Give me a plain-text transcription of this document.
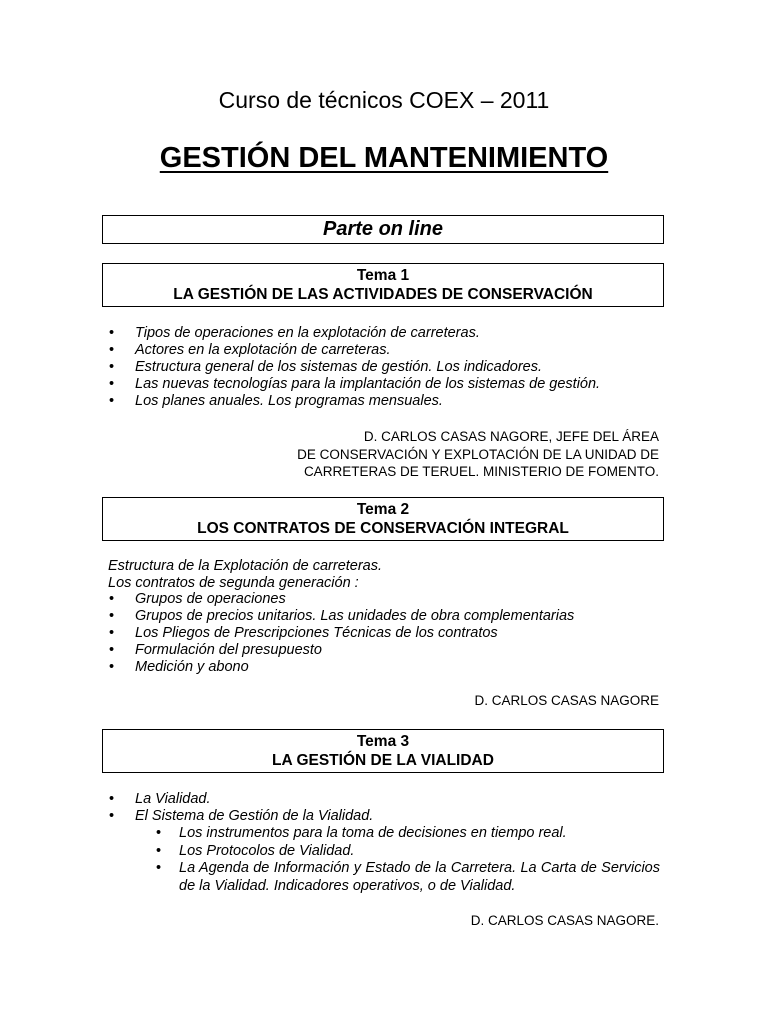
Curso de técnicos COEX – 2011
GESTIÓN DEL MANTENIMIENTO
Parte on line
Tema 1
LA GESTIÓN DE LAS ACTIVIDADES DE CONSERVACIÓN
• Tipos de operaciones en la explotación de carreteras.
• Actores en la explotación de carreteras.
• Estructura general de los sistemas de gestión. Los indicadores.
• Las nuevas tecnologías para la implantación de los sistemas de gestión.
• Los planes anuales. Los programas mensuales.
D. CARLOS CASAS NAGORE, JEFE DEL ÁREA
DE CONSERVACIÓN Y EXPLOTACIÓN DE LA UNIDAD DE
CARRETERAS DE TERUEL. MINISTERIO DE FOMENTO.
Tema 2
LOS CONTRATOS DE CONSERVACIÓN INTEGRAL
Estructura de la Explotación de carreteras.
Los contratos de segunda generación :
• Grupos de operaciones
• Grupos de precios unitarios. Las unidades de obra complementarias
• Los Pliegos de Prescripciones Técnicas de los contratos
• Formulación del presupuesto
• Medición y abono
D. CARLOS CASAS NAGORE
Tema 3
LA GESTIÓN DE LA VIALIDAD
• La Vialidad.
• El Sistema de Gestión de la Vialidad.
• Los instrumentos para la toma de decisiones en tiempo real.
• Los Protocolos de Vialidad.
• La Agenda de Información y Estado de la Carretera. La Carta de Servicios de la Vialidad. Indicadores operativos, o de Vialidad.
D. CARLOS CASAS NAGORE.
